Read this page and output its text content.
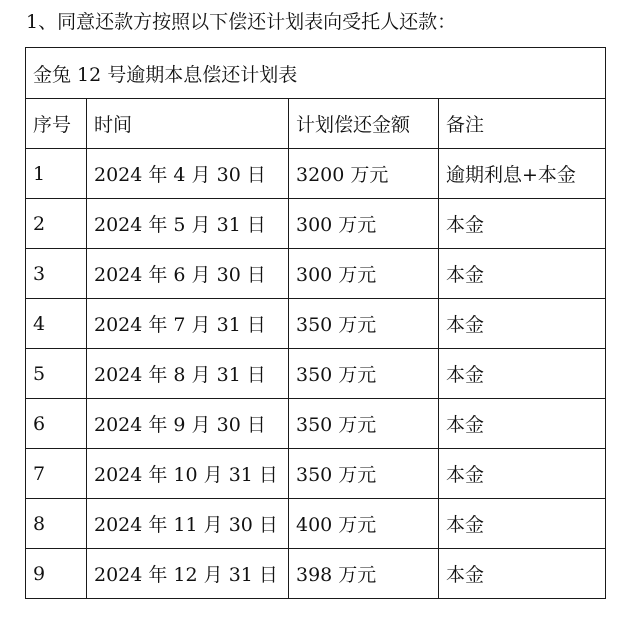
1、同意还款方按照以下偿还计划表向受托人还款：
金兔 12 号逾期本息偿还计划表			
序号	时间	计划偿还金额	备注
1	2024 年 4 月 30 日	3200 万元	逾期利息+本金
2	2024 年 5 月 31 日	300 万元	本金
3	2024 年 6 月 30 日	300 万元	本金
4	2024 年 7 月 31 日	350 万元	本金
5	2024 年 8 月 31 日	350 万元	本金
6	2024 年 9 月 30 日	350 万元	本金
7	2024 年 10 月 31 日	350 万元	本金
8	2024 年 11 月 30 日	400 万元	本金
9	2024 年 12 月 31 日	398 万元	本金
